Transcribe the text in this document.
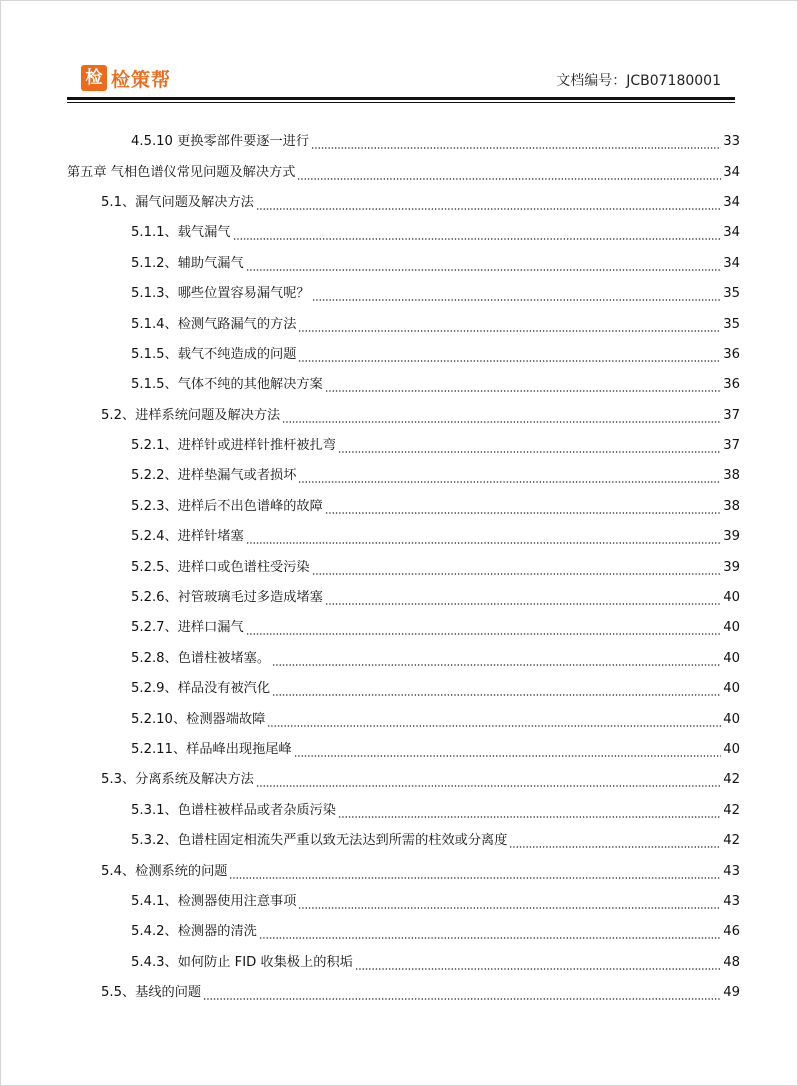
检 检策帮	文档编号：JCB07180001
4.5.10 更换零部件要逐一进行	33
第五章 气相色谱仪常见问题及解决方式	34
5.1、漏气问题及解决方法	34
5.1.1、载气漏气	34
5.1.2、辅助气漏气	34
5.1.3、哪些位置容易漏气呢？	35
5.1.4、检测气路漏气的方法	35
5.1.5、载气不纯造成的问题	36
5.1.5、气体不纯的其他解决方案	36
5.2、进样系统问题及解决方法	37
5.2.1、进样针或进样针推杆被扎弯	37
5.2.2、进样垫漏气或者损坏	38
5.2.3、进样后不出色谱峰的故障	38
5.2.4、进样针堵塞	39
5.2.5、进样口或色谱柱受污染	39
5.2.6、衬管玻璃毛过多造成堵塞	40
5.2.7、进样口漏气	40
5.2.8、色谱柱被堵塞。	40
5.2.9、样品没有被汽化	40
5.2.10、检测器端故障	40
5.2.11、样品峰出现拖尾峰	40
5.3、分离系统及解决方法	42
5.3.1、色谱柱被样品或者杂质污染	42
5.3.2、色谱柱固定相流失严重以致无法达到所需的柱效或分离度	42
5.4、检测系统的问题	43
5.4.1、检测器使用注意事项	43
5.4.2、检测器的清洗	46
5.4.3、如何防止 FID 收集极上的积垢	48
5.5、基线的问题	49
